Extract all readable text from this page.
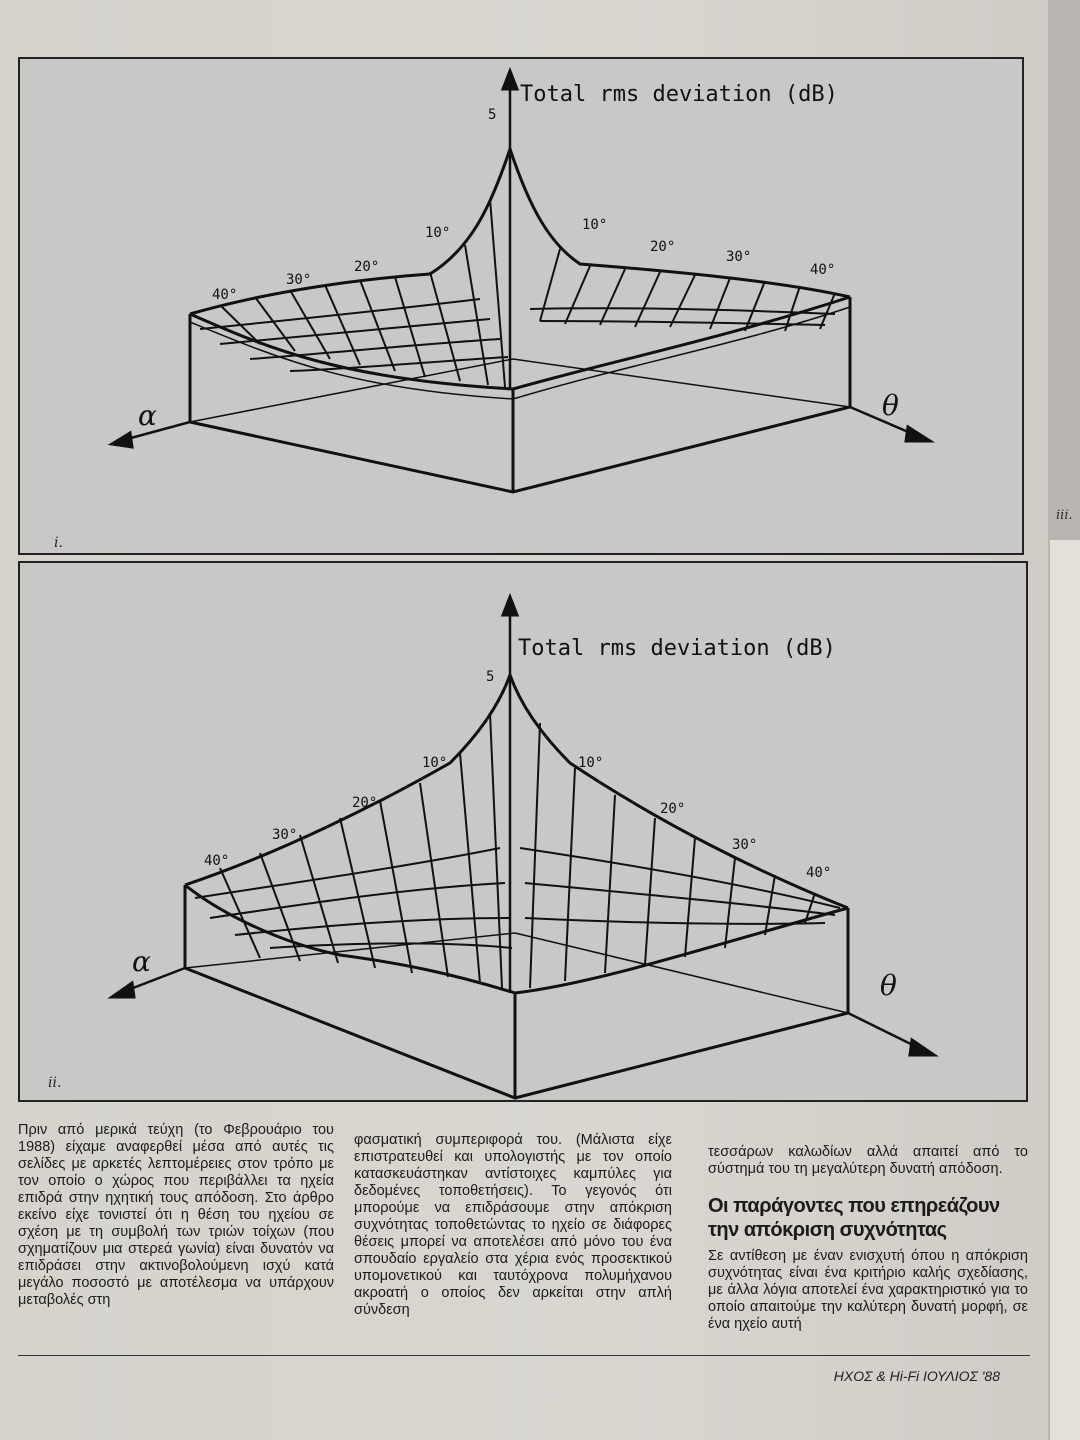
Total rms deviation (dB)
5
10°
20°
30°
40°
10°
20°
30°
40°
α	θ
i.
Total rms deviation (dB)
5
10°
20°
30°
40°
10°
20°
30°
40°
α
θ
ii.

Πριν από μερικά τεύχη (το Φεβρουάριο του 1988) είχαμε αναφερθεί μέσα από αυτές τις σελίδες με αρκετές λεπτομέρειες στον τρόπο με τον οποίο ο χώρος που περιβάλλει τα ηχεία επιδρά στην ηχητική τους απόδοση. Στο άρθρο εκείνο είχε τονιστεί ότι η θέση του ηχείου σε σχέση με τη συμβολή των τριών τοίχων (που σχηματίζουν μια στερεά γωνία) είναι δυνατόν να επιδράσει στην ακτινοβολούμενη ισχύ κατά μεγάλο ποσοστό με αποτέλεσμα να υπάρχουν μεταβολές στη

φασματική συμπεριφορά του. (Μάλιστα είχε επιστρατευθεί και υπολογιστής με τον οποίο κατασκευάστηκαν αντίστοιχες καμπύλες για δεδομένες τοποθετήσεις). Το γεγονός ότι μπορούμε να επιδράσουμε στην απόκριση συχνότητας τοποθετώντας το ηχείο σε διάφορες θέσεις μπορεί να αποτελέσει από μόνο του ένα σπουδαίο εργαλείο στα χέρια ενός προσεκτικού υπομονετικού και ταυτόχρονα πολυμήχανου ακροατή ο οποίος δεν αρκείται στην απλή σύνδεση

τεσσάρων καλωδίων αλλά απαιτεί από το σύστημά του τη μεγαλύτερη δυνατή απόδοση.

Οι παράγοντες που επηρεάζουν την απόκριση συχνότητας

Σε αντίθεση με έναν ενισχυτή όπου η απόκριση συχνότητας είναι ένα κριτήριο καλής σχεδίασης, με άλλα λόγια αποτελεί ένα χαρακτηριστικό για το οποίο απαιτούμε την καλύτερη δυνατή μορφή, σε ένα ηχείο αυτή

ΗΧΟΣ & Hi-Fi ΙΟΥΛΙΟΣ '88
iii.
